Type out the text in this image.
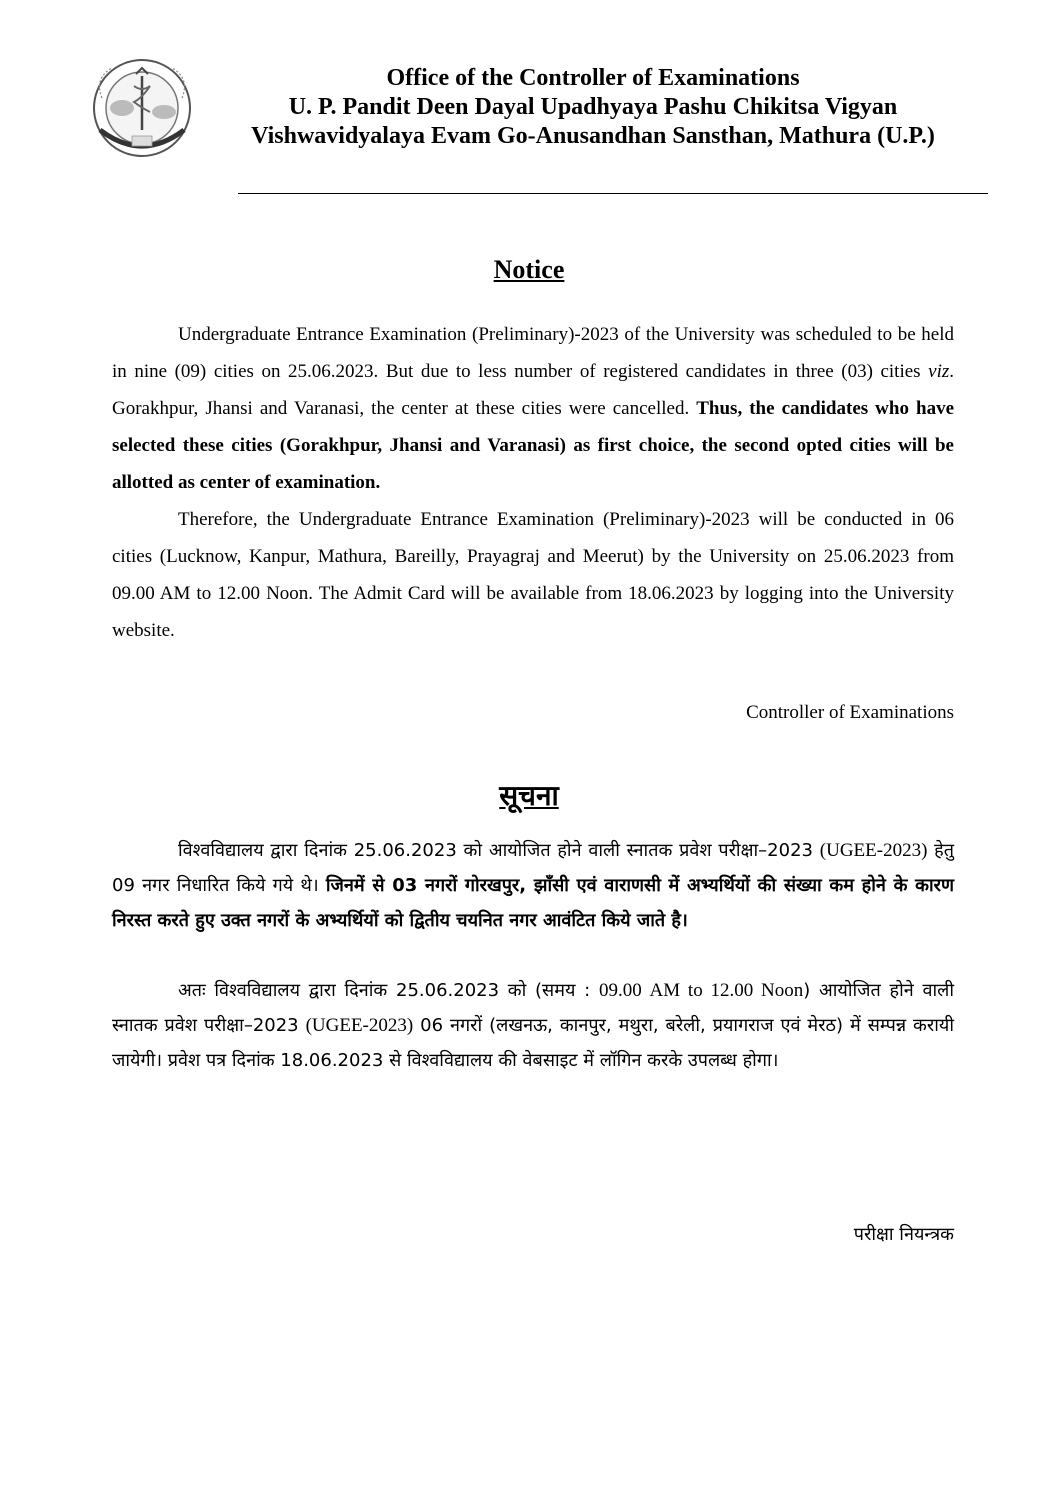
Office of the Controller of Examinations
U. P. Pandit Deen Dayal Upadhyaya Pashu Chikitsa Vigyan
Vishwavidyalaya Evam Go-Anusandhan Sansthan, Mathura (U.P.)
Notice
Undergraduate Entrance Examination (Preliminary)-2023 of the University was scheduled to be held in nine (09) cities on 25.06.2023. But due to less number of registered candidates in three (03) cities viz. Gorakhpur, Jhansi and Varanasi, the center at these cities were cancelled. Thus, the candidates who have selected these cities (Gorakhpur, Jhansi and Varanasi) as first choice, the second opted cities will be allotted as center of examination.
Therefore, the Undergraduate Entrance Examination (Preliminary)-2023 will be conducted in 06 cities (Lucknow, Kanpur, Mathura, Bareilly, Prayagraj and Meerut) by the University on 25.06.2023 from 09.00 AM to 12.00 Noon. The Admit Card will be available from 18.06.2023 by logging into the University website.
Controller of Examinations
सूचना
विश्वविद्यालय द्वारा दिनांक 25.06.2023 को आयोजित होने वाली स्नातक प्रवेश परीक्षा–2023 (UGEE-2023) हेतु 09 नगर निधारित किये गये थे। जिनमें से 03 नगरों गोरखपुर, झाँसी एवं वाराणसी में अभ्यर्थियों की संख्या कम होने के कारण निरस्त करते हुए उक्त नगरों के अभ्यर्थियों को द्वितीय चयनित नगर आवंटित किये जाते है।
अतः विश्वविद्यालय द्वारा दिनांक 25.06.2023 को (समय : 09.00 AM to 12.00 Noon) आयोजित होने वाली स्नातक प्रवेश परीक्षा–2023 (UGEE-2023) 06 नगरों (लखनऊ, कानपुर, मथुरा, बरेली, प्रयागराज एवं मेरठ) में सम्पन्न करायी जायेगी। प्रवेश पत्र दिनांक 18.06.2023 से विश्वविद्यालय की वेबसाइट में लॉगिन करके उपलब्ध होगा।
परीक्षा नियन्त्रक
